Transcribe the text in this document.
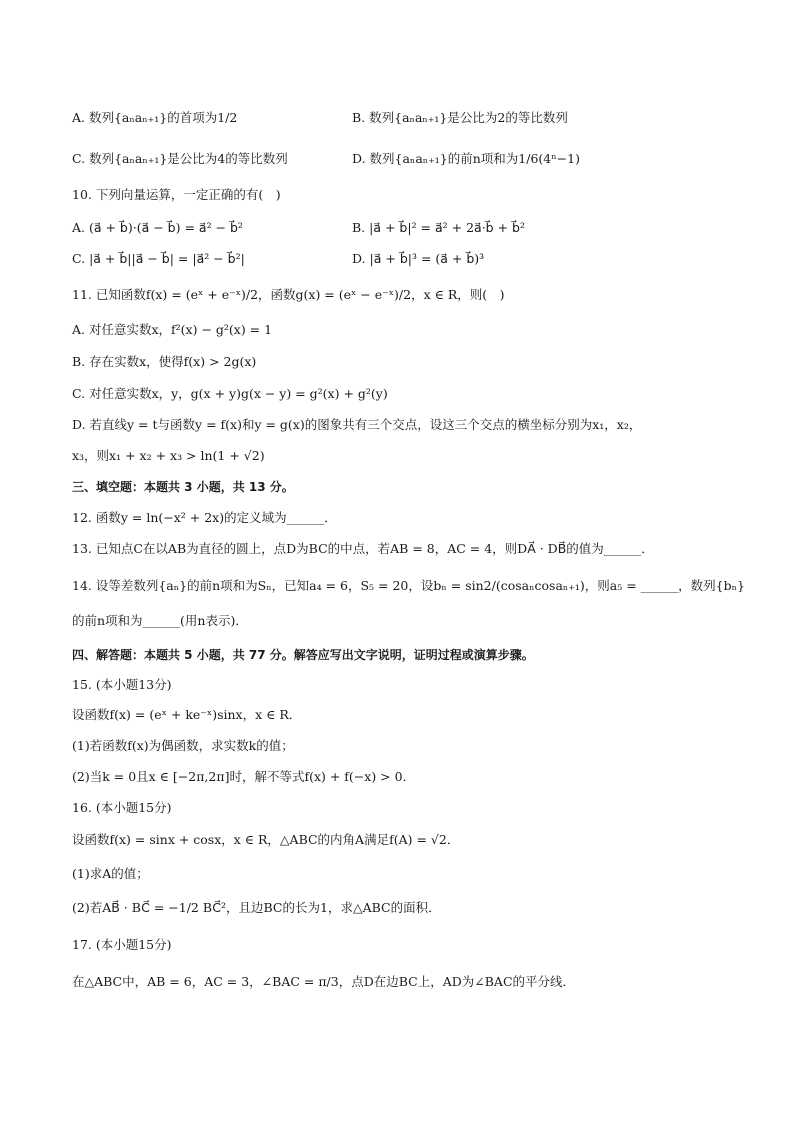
A. 数列{aₙaₙ₊₁}的首项为1/2	B. 数列{aₙaₙ₊₁}是公比为2的等比数列
C. 数列{aₙaₙ₊₁}是公比为4的等比数列	D. 数列{aₙaₙ₊₁}的前n项和为1/6(4ⁿ−1)
10. 下列向量运算，一定正确的有(　)
A. (a⃗ + b⃗)·(a⃗ − b⃗) = a⃗² − b⃗²	B. |a⃗ + b⃗|² = a⃗² + 2a⃗·b⃗ + b⃗²
C. |a⃗ + b⃗||a⃗ − b⃗| = |a⃗² − b⃗²|	D. |a⃗ + b⃗|³ = (a⃗ + b⃗)³
11. 已知函数f(x) = (eˣ + e⁻ˣ)/2，函数g(x) = (eˣ − e⁻ˣ)/2，x ∈ R，则(　)
A. 对任意实数x，f²(x) − g²(x) = 1
B. 存在实数x，使得f(x) > 2g(x)
C. 对任意实数x，y，g(x + y)g(x − y) = g²(x) + g²(y)
D. 若直线y = t与函数y = f(x)和y = g(x)的图象共有三个交点，设这三个交点的横坐标分别为x₁，x₂，
x₃，则x₁ + x₂ + x₃ > ln(1 + √2)
三、填空题：本题共 3 小题，共 13 分。
12. 函数y = ln(−x² + 2x)的定义域为______．
13. 已知点C在以AB为直径的圆上，点D为BC的中点，若AB = 8，AC = 4，则DA⃗ · DB⃗的值为______．
14. 设等差数列{aₙ}的前n项和为Sₙ，已知a₄ = 6，S₅ = 20，设bₙ = sin2/(cosaₙcosaₙ₊₁)，则a₅ = ______，数列{bₙ}
的前n项和为______(用n表示)．
四、解答题：本题共 5 小题，共 77 分。解答应写出文字说明，证明过程或演算步骤。
15. (本小题13分)
设函数f(x) = (eˣ + ke⁻ˣ)sinx，x ∈ R．
(1)若函数f(x)为偶函数，求实数k的值；
(2)当k = 0且x ∈ [−2π,2π]时，解不等式f(x) + f(−x) > 0．
16. (本小题15分)
设函数f(x) = sinx + cosx，x ∈ R，△ABC的内角A满足f(A) = √2．
(1)求A的值；
(2)若AB⃗ · BC⃗ = −1/2 BC⃗²，且边BC的长为1，求△ABC的面积．
17. (本小题15分)
在△ABC中，AB = 6，AC = 3，∠BAC = π/3，点D在边BC上，AD为∠BAC的平分线．
